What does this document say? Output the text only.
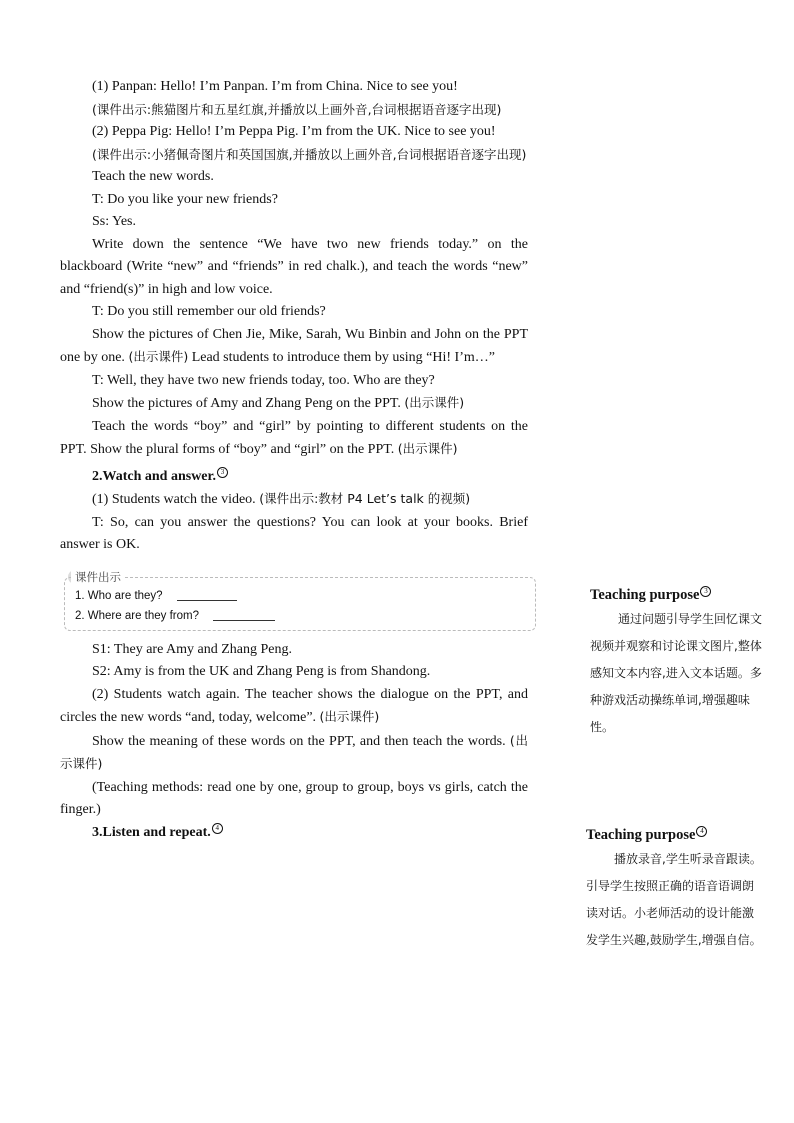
(1) Panpan: Hello! I’m Panpan. I’m from China. Nice to see you!

(课件出示:熊猫图片和五星红旗,并播放以上画外音,台词根据语音逐字出现)

(2) Peppa Pig: Hello! I’m Peppa Pig. I’m from the UK. Nice to see you!

(课件出示:小猪佩奇图片和英国国旗,并播放以上画外音,台词根据语音逐字出现)

Teach the new words.

T: Do you like your new friends?

Ss: Yes.

Write down the sentence “We have two new friends today.” on the blackboard (Write “new” and “friends” in red chalk.), and teach the words “new” and “friend(s)” in high and low voice.

T: Do you still remember our old friends?

Show the pictures of Chen Jie, Mike, Sarah, Wu Binbin and John on the PPT one by one. (出示课件) Lead students to introduce them by using “Hi! I’m…”

T: Well, they have two new friends today, too. Who are they?

Show the pictures of Amy and Zhang Peng on the PPT. (出示课件)

Teach the words “boy” and “girl” by pointing to different students on the PPT. Show the plural forms of “boy” and “girl” on the PPT. (出示课件)

2.Watch and answer. $^3$

(1) Students watch the video. (课件出示:教材 P4 Let’s talk 的视频)

T: So, can you answer the questions? You can look at your books. Brief answer is OK.

课件出示
1. Who are they?
2. Where are they from?

S1: They are Amy and Zhang Peng.

S2: Amy is from the UK and Zhang Peng is from Shandong.

(2) Students watch again. The teacher shows the dialogue on the PPT, and circles the new words “and, today, welcome”. (出示课件)

Show the meaning of these words on the PPT, and then teach the words. (出示课件)

(Teaching methods: read one by one, group to group, boys vs girls, catch the finger.)

3.Listen and repeat. $^4$

Teaching purpose $^3$
通过问题引导学生回忆课文视频并观察和讨论课文图片,整体感知文本内容,进入文本话题。多种游戏活动操练单词,增强趣味性。
Teaching purpose $^4$
播放录音,学生听录音跟读。引导学生按照正确的语音语调朗读对话。小老师活动的设计能激发学生兴趣,鼓励学生,增强自信。
